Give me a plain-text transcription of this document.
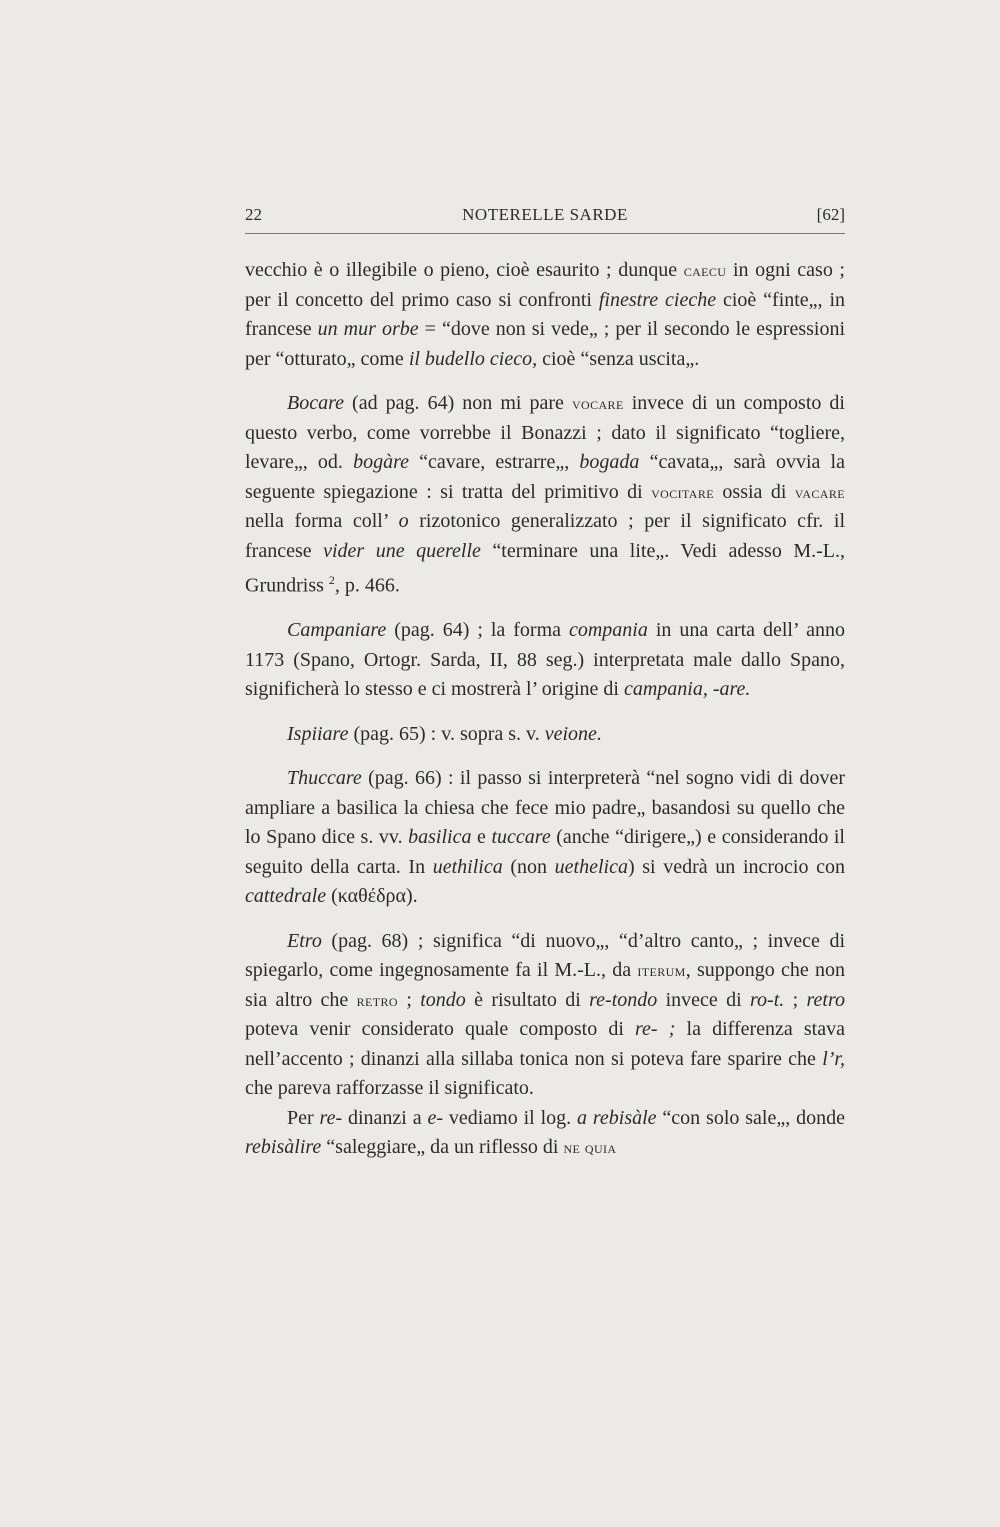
22	NOTERELLE SARDE	[62]

vecchio è o illegibile o pieno, cioè esaurito ; dunque caecu in ogni caso ; per il concetto del primo caso si confronti finestre cieche cioè “finte„, in francese un mur orbe = “dove non si vede„ ; per il secondo le espressioni per “otturato„ come il budello cieco, cioè “senza uscita„.

Bocare (ad pag. 64) non mi pare vocare invece di un composto di questo verbo, come vorrebbe il Bonazzi ; dato il significato “togliere, levare„, od. bogàre “cavare, estrarre„, bogada “cavata„, sarà ovvia la seguente spiegazione : si tratta del primitivo di vocitare ossia di vacare nella forma coll’ o rizotonico generalizzato ; per il significato cfr. il francese vider une querelle “terminare una lite„. Vedi adesso M.-L., Grundriss $^2$, p. 466.

Campaniare (pag. 64) ; la forma compania in una carta dell’ anno 1173 (Spano, Ortogr. Sarda, II, 88 seg.) interpretata male dallo Spano, significherà lo stesso e ci mostrerà l’ origine di campania, -are.

Ispiiare (pag. 65) : v. sopra s. v. veione.

Thuccare (pag. 66) : il passo si interpreterà “nel sogno vidi di dover ampliare a basilica la chiesa che fece mio padre„ basandosi su quello che lo Spano dice s. vv. basilica e tuccare (anche “dirigere„) e considerando il seguito della carta. In uethilica (non uethelica) si vedrà un incrocio con cattedrale (καθέδρα).

Etro (pag. 68) ; significa “di nuovo„, “d’altro canto„ ; invece di spiegarlo, come ingegnosamente fa il M.-L., da iterum, suppongo che non sia altro che retro ; tondo è risultato di re-tondo invece di ro-t. ; retro poteva venir considerato quale composto di re- ; la differenza stava nell’accento ; dinanzi alla sillaba tonica non si poteva fare sparire che l’r, che pareva rafforzasse il significato.

Per re- dinanzi a e- vediamo il log. a rebisàle “con solo sale„, donde rebisàlire “saleggiare„ da un riflesso di ne quia
